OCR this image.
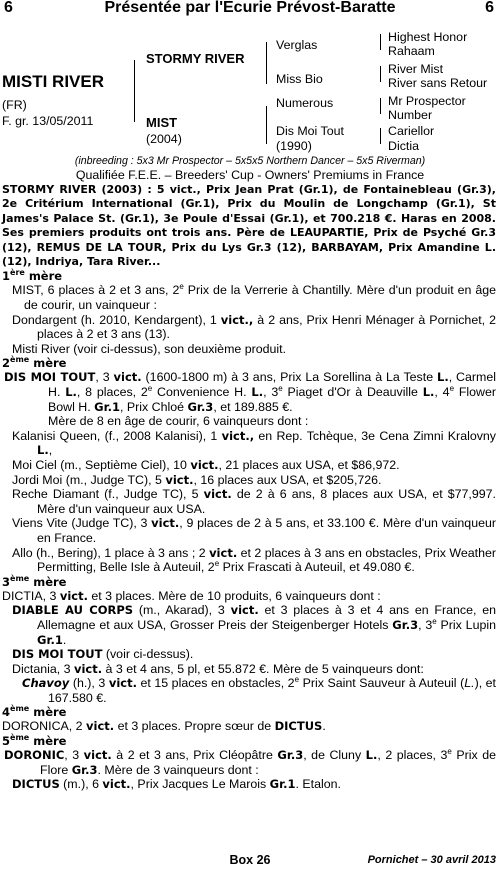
6	Présentée par l'Ecurie Prévost-Baratte	6
MISTI RIVER
(FR)
F. gr. 13/05/2011
STORMY RIVER
MIST
(2004)
Verglas
Miss Bio
Numerous
Dis Moi Tout
(1990)
Highest Honor
Rahaam
River Mist
River sans Retour
Mr Prospector
Number
Cariellor
Dictia
(inbreeding : 5x3 Mr Prospector – 5x5x5 Northern Dancer – 5x5 Riverman)
Qualifiée F.E.E. – Breeders' Cup - Owners' Premiums in France

STORMY RIVER (2003) : 5 vict., Prix Jean Prat (Gr.1), de Fontainebleau (Gr.3), 2e Critérium International (Gr.1), Prix du Moulin de Longchamp (Gr.1), St James's Palace St. (Gr.1), 3e Poule d'Essai (Gr.1), et 700.218 €. Haras en 2008. Ses premiers produits ont trois ans. Père de LEAUPARTIE, Prix de Psyché Gr.3 (12), REMUS DE LA TOUR, Prix du Lys Gr.3 (12), BARBAYAM, Prix Amandine L. (12), Indriya, Tara River...

1ère mère

MIST, 6 places à 2 et 3 ans, 2e Prix de la Verrerie à Chantilly. Mère d'un produit en âge de courir, un vainqueur :

Dondargent (h. 2010, Kendargent), 1 vict., à 2 ans, Prix Henri Ménager à Pornichet, 2 places à 2 et 3 ans (13).

Misti River (voir ci-dessus), son deuxième produit.

2ème mère

DIS MOI TOUT, 3 vict. (1600-1800 m) à 3 ans, Prix La Sorellina à La Teste L., Carmel H. L., 8 places, 2e Convenience H. L., 3e Piaget d'Or à Deauville L., 4e Flower Bowl H. Gr.1, Prix Chloé Gr.3, et 189.885 €.

Mère de 8 en âge de courir, 6 vainqueurs dont :

Kalanisi Queen, (f., 2008 Kalanisi), 1 vict., en Rep. Tchèque, 3e Cena Zimni Kralovny L.,

Moi Ciel (m., Septième Ciel), 10 vict., 21 places aux USA, et $86,972.

Jordi Moi (m., Judge TC), 5 vict., 16 places aux USA, et $205,726.

Reche Diamant (f., Judge TC), 5 vict. de 2 à 6 ans, 8 places aux USA, et $77,997. Mère d'un vainqueur aux USA.

Viens Vite (Judge TC), 3 vict., 9 places de 2 à 5 ans, et 33.100 €. Mère d'un vainqueur en France.

Allo (h., Bering), 1 place à 3 ans ; 2 vict. et 2 places à 3 ans en obstacles, Prix Weather Permitting, Belle Isle à Auteuil, 2e Prix Frascati à Auteuil, et 49.080 €.

3ème mère

DICTIA, 3 vict. et 3 places. Mère de 10 produits, 6 vainqueurs dont :

DIABLE AU CORPS (m., Akarad), 3 vict. et 3 places à 3 et 4 ans en France, en Allemagne et aux USA, Grosser Preis der Steigenberger Hotels Gr.3, 3e Prix Lupin Gr.1.

DIS MOI TOUT (voir ci-dessus).

Dictania, 3 vict. à 3 et 4 ans, 5 pl, et 55.872 €. Mère de 5 vainqueurs dont:

Chavoy (h.), 3 vict. et 15 places en obstacles, 2e Prix Saint Sauveur à Auteuil (L.), et 167.580 €.

4ème mère

DORONICA, 2 vict. et 3 places. Propre sœur de DICTUS.

5ème mère

DORONIC, 3 vict. à 2 et 3 ans, Prix Cléopâtre Gr.3, de Cluny L., 2 places, 3e Prix de Flore Gr.3. Mère de 3 vainqueurs dont :

DICTUS (m.), 6 vict., Prix Jacques Le Marois Gr.1. Etalon.

Box 26	Pornichet – 30 avril 2013
